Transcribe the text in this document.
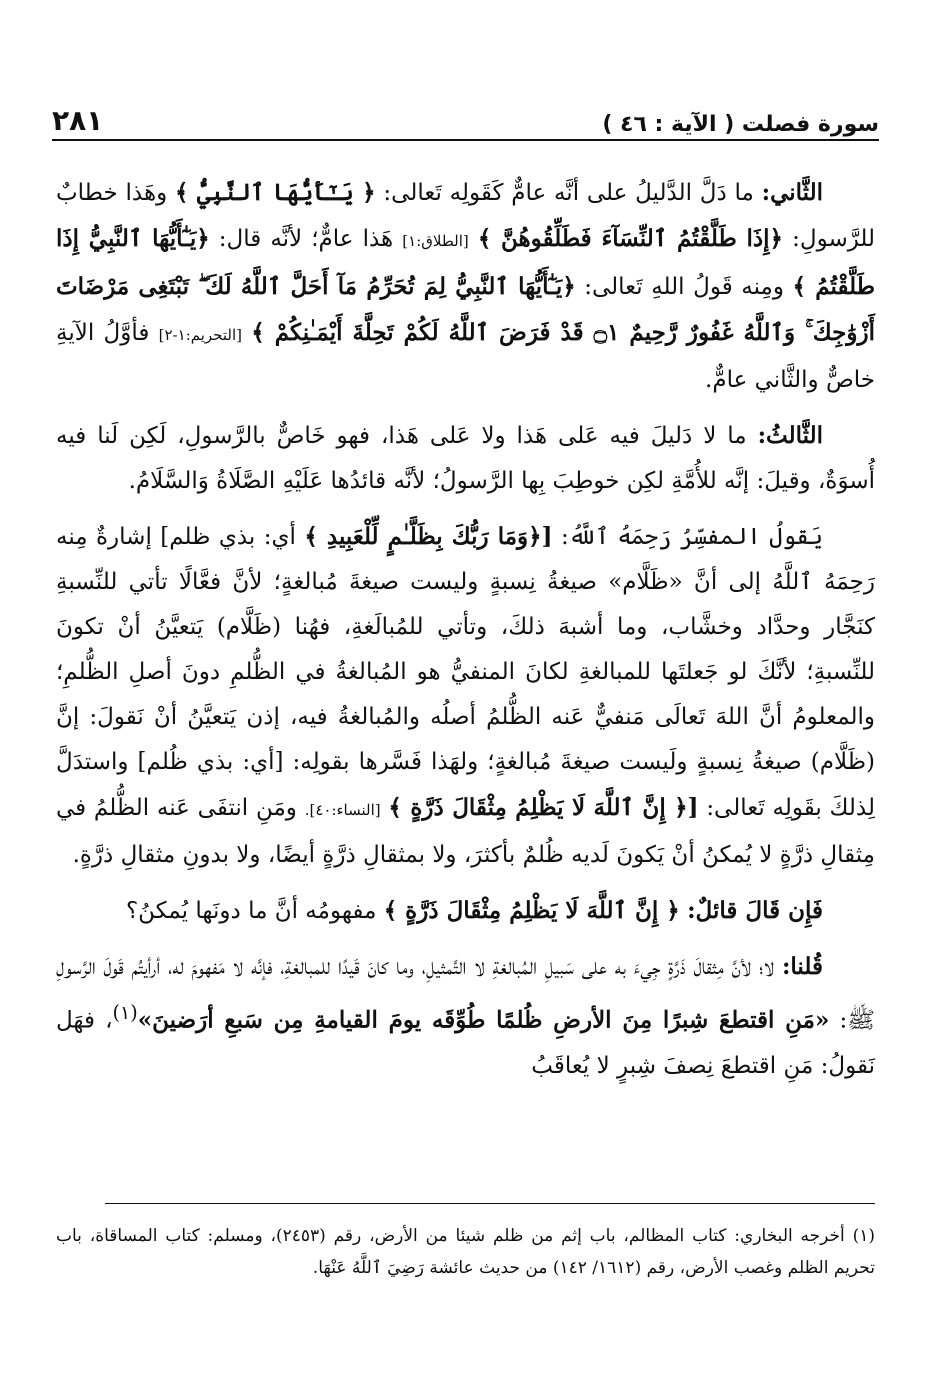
٢٨١	سورة فصلت ( الآية : ٤٦ )

الثَّاني: ما دَلَّ الدَّليلُ على أنَّه عامٌّ كَقَولِه تَعالى: ﴿ يَـٰٓأَيُّهَا ٱلنَّبِيُّ ﴾ وهَذا خطابٌ للرَّسولِ: ﴿إِذَا طَلَّقْتُمُ ٱلنِّسَآءَ فَطَلِّقُوهُنَّ ﴾ [الطلاق:١] هَذا عامٌّ؛ لأنَّه قال: ﴿يَـٰٓأَيُّهَا ٱلنَّبِيُّ إِذَا طَلَّقْتُمُ ﴾ ومِنه قَولُ اللهِ تَعالى: ﴿يَـٰٓأَيُّهَا ٱلنَّبِيُّ لِمَ تُحَرِّمُ مَآ أَحَلَّ ٱللَّهُ لَكَ ۖ تَبْتَغِى مَرْضَاتَ أَزْوَٰجِكَ ۚ وَٱللَّهُ غَفُورٌ رَّحِيمٌ ۝١ قَدْ فَرَضَ ٱللَّهُ لَكُمْ تَحِلَّةَ أَيْمَـٰنِكُمْ ﴾ [التحريم:١-٢] فأوَّلُ الآيةِ خاصٌّ والثَّاني عامٌّ.

الثَّالثُ: ما لا دَليلَ فيه عَلى هَذا ولا عَلى هَذا، فهو خَاصٌّ بالرَّسولِ، لَكِن لَنا فيه أُسوَةٌ، وقيلَ: إنَّه للأُمَّةِ لكِن خوطِبَ بِها الرَّسولُ؛ لأنَّه قائدُها عَلَيْهِ الصَّلَاةُ وَالسَّلَامُ.

يَقولُ المفسِّرُ رَحِمَهُ ٱللَّهُ: [﴿وَمَا رَبُّكَ بِظَلَّـٰمٍ لِّلْعَبِيدِ ﴾ أي: بذي ظلم] إشارةٌ مِنه رَحِمَهُ ٱللَّهُ إلى أنَّ «ظَلَّام» صيغةُ نِسبةٍ وليست صيغةَ مُبالغةٍ؛ لأنَّ فعَّالًا تأتي للنِّسبةِ كنَجَّار وحدَّاد وخشَّاب، وما أشبهَ ذلكَ، وتأتي للمُبالَغةِ، فهُنا (ظَلَّام) يَتعيَّنُ أنْ تكونَ للنِّسبةِ؛ لأنَّكَ لو جَعلتَها للمبالغةِ لكانَ المنفيُّ هو المُبالغةُ في الظُّلمِ دونَ أصلِ الظُّلمِ؛ والمعلومُ أنَّ اللهَ تَعالَى مَنفيٌّ عَنه الظُّلمُ أصلُه والمُبالغةُ فيه، إذن يَتعيَّنُ أنْ نَقولَ: إنَّ (ظَلَّام) صيغةُ نِسبةٍ ولَيست صيغةَ مُبالغةٍ؛ ولهَذا فَسَّرها بقولِه: [أي: بذي ظُلم] واستدَلَّ لِذلكَ بقَولِه تَعالى: [﴿ إِنَّ ٱللَّهَ لَا يَظْلِمُ مِثْقَالَ ذَرَّةٍ ﴾ [النساء:٤٠]. ومَنِ انتفَى عَنه الظُّلمُ في مِثقالِ ذرَّةٍ لا يُمكنُ أنْ يَكونَ لَديه ظُلمٌ بأكثرَ، ولا بمثقالِ ذرَّةٍ أيضًا، ولا بدونِ مثقالِ ذرَّةٍ.

فَإِن قَالَ قائلٌ: ﴿ إِنَّ ٱللَّهَ لَا يَظْلِمُ مِثْقَالَ ذَرَّةٍ ﴾ مفهومُه أنَّ ما دونَها يُمكنُ؟

قُلنا: لا؛ لأنَّ مِثقالَ ذَرَّةٍ جِيءَ به على سَبيلِ المُبالغةِ لا التَّمثيلِ، وما كانَ قَيدًا للمبالغةِ، فإنَّه لا مَفهومَ له، أرأيتُم قَولَ الرَّسولِ ﷺ: «مَنِ اقتطعَ شِبرًا مِنَ الأرضِ ظُلمًا طُوِّقَه يومَ القيامةِ مِن سَبعِ أرَضينَ»$^{(١)}$، فهَل نَقولُ: مَنِ اقتطعَ نِصفَ شِبرٍ لا يُعاقَبُ

(١) أخرجه البخاري: كتاب المظالم، باب إثم من ظلم شيئا من الأرض، رقم (٢٤٥٣)، ومسلم: كتاب المساقاة، باب تحريم الظلم وغصب الأرض، رقم (١٦١٢/ ١٤٢) من حديث عائشة رَضِيَ ٱللَّهُ عَنْهَا.
